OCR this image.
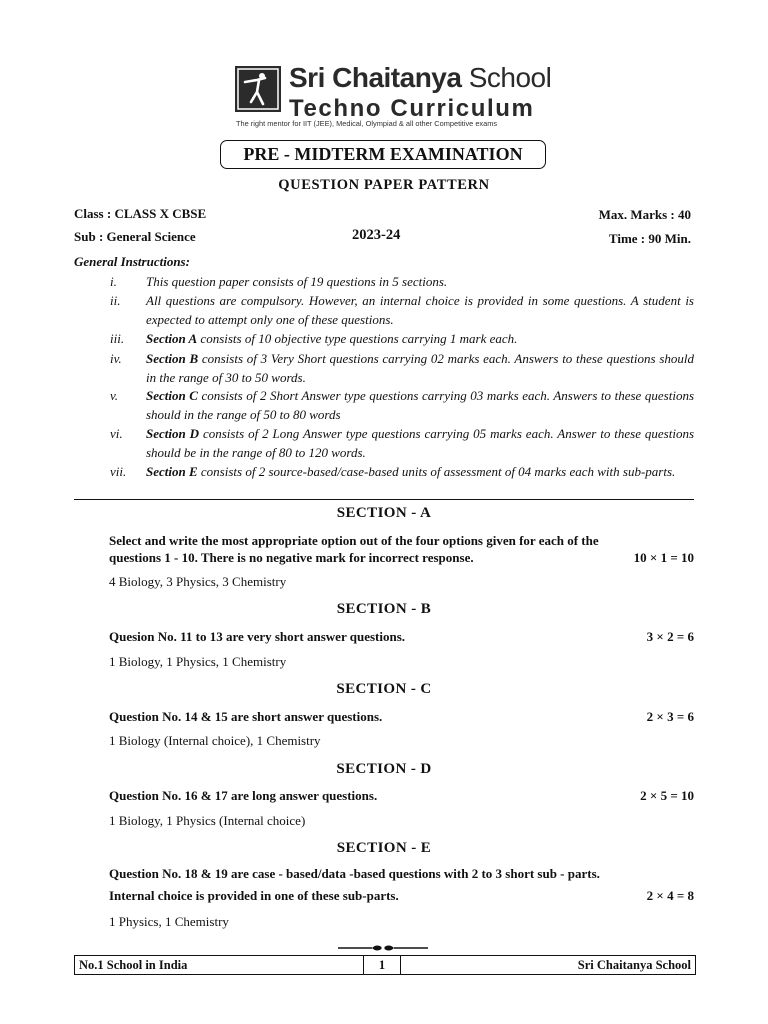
Sri Chaitanya School
Techno Curriculum
The right mentor for IIT (JEE), Medical, Olympiad & all other Competitive exams
PRE - MIDTERM EXAMINATION
QUESTION PAPER PATTERN
Class : CLASS X CBSE
Sub : General Science	2023-24
Max. Marks : 40
Time : 90 Min.
General Instructions:
i. This question paper consists of 19 questions in 5 sections.
ii. All questions are compulsory. However, an internal choice is provided in some questions. A student is expected to attempt only one of these questions.
iii. Section A consists of 10 objective type questions carrying 1 mark each.
iv. Section B consists of 3 Very Short questions carrying 02 marks each. Answers to these questions should in the range of 30 to 50 words.
v. Section C consists of 2 Short Answer type questions carrying 03 marks each. Answers to these questions should in the range of 50 to 80 words
vi. Section D consists of 2 Long Answer type questions carrying 05 marks each. Answer to these questions should be in the range of 80 to 120 words.
vii. Section E consists of 2 source-based/case-based units of assessment of 04 marks each with sub-parts.
SECTION - A
Select and write the most appropriate option out of the four options given for each of the
questions 1 - 10. There is no negative mark for incorrect response.	10 × 1 = 10
4 Biology, 3 Physics, 3 Chemistry
SECTION - B
Quesion No. 11 to 13 are very short answer questions.	3 × 2 = 6
1 Biology, 1 Physics, 1 Chemistry
SECTION - C
Question No. 14 & 15 are short answer questions.	2 × 3 = 6
1 Biology (Internal choice), 1 Chemistry
SECTION - D
Question No. 16 & 17 are long answer questions.	2 × 5 = 10
1 Biology, 1 Physics (Internal choice)
SECTION - E
Question No. 18 & 19 are case - based/data -based questions with 2 to 3 short sub - parts.
Internal choice is provided in one of these sub-parts.	2 × 4 = 8
1 Physics, 1 Chemistry
No.1 School in India	1	Sri Chaitanya School
